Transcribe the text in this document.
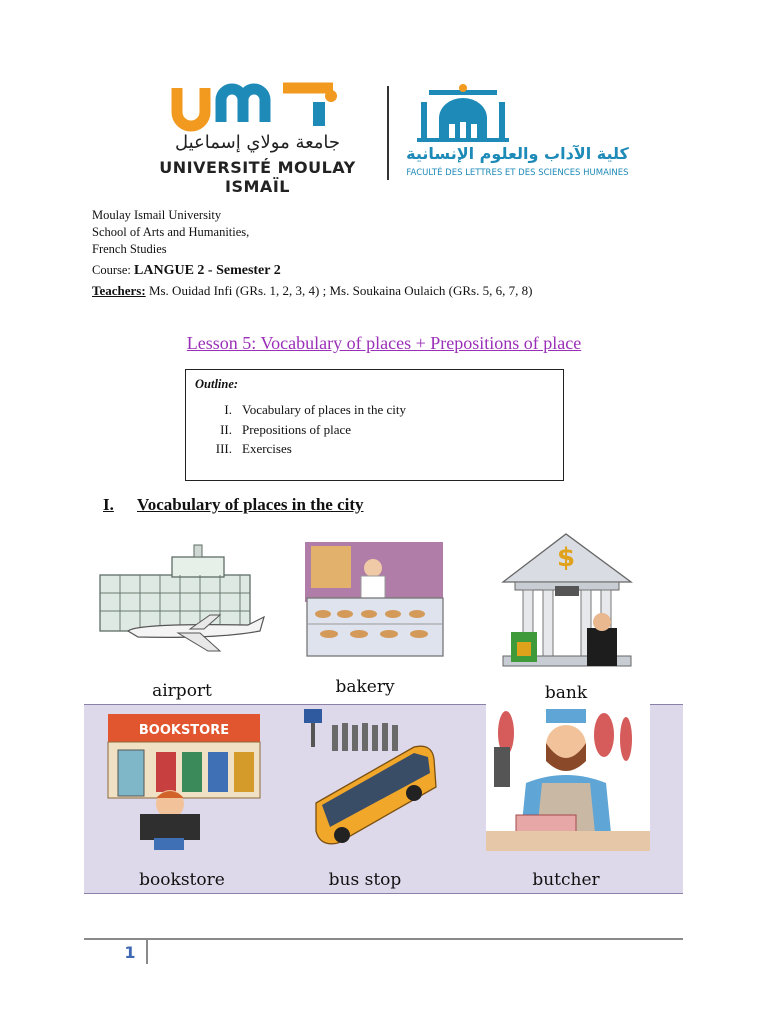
جامعة مولاي إسماعيل
UNIVERSITÉ MOULAY ISMAÏL
كلية الآداب والعلوم الإنسانية
FACULTÉ DES LETTRES ET DES SCIENCES HUMAINES
Moulay Ismail University
School of Arts and Humanities,
French Studies
Course: LANGUE 2 - Semester 2
Teachers: Ms. Ouidad Infi (GRs. 1, 2, 3, 4) ; Ms. Soukaina Oulaich (GRs. 5, 6, 7, 8)
Lesson 5: Vocabulary of places + Prepositions of place
Outline:
I. Vocabulary of places in the city
II. Prepositions of place
III. Exercises
I. Vocabulary of places in the city
$
airport	bakery	bank
BOOKSTORE
bookstore	bus stop	butcher
1
